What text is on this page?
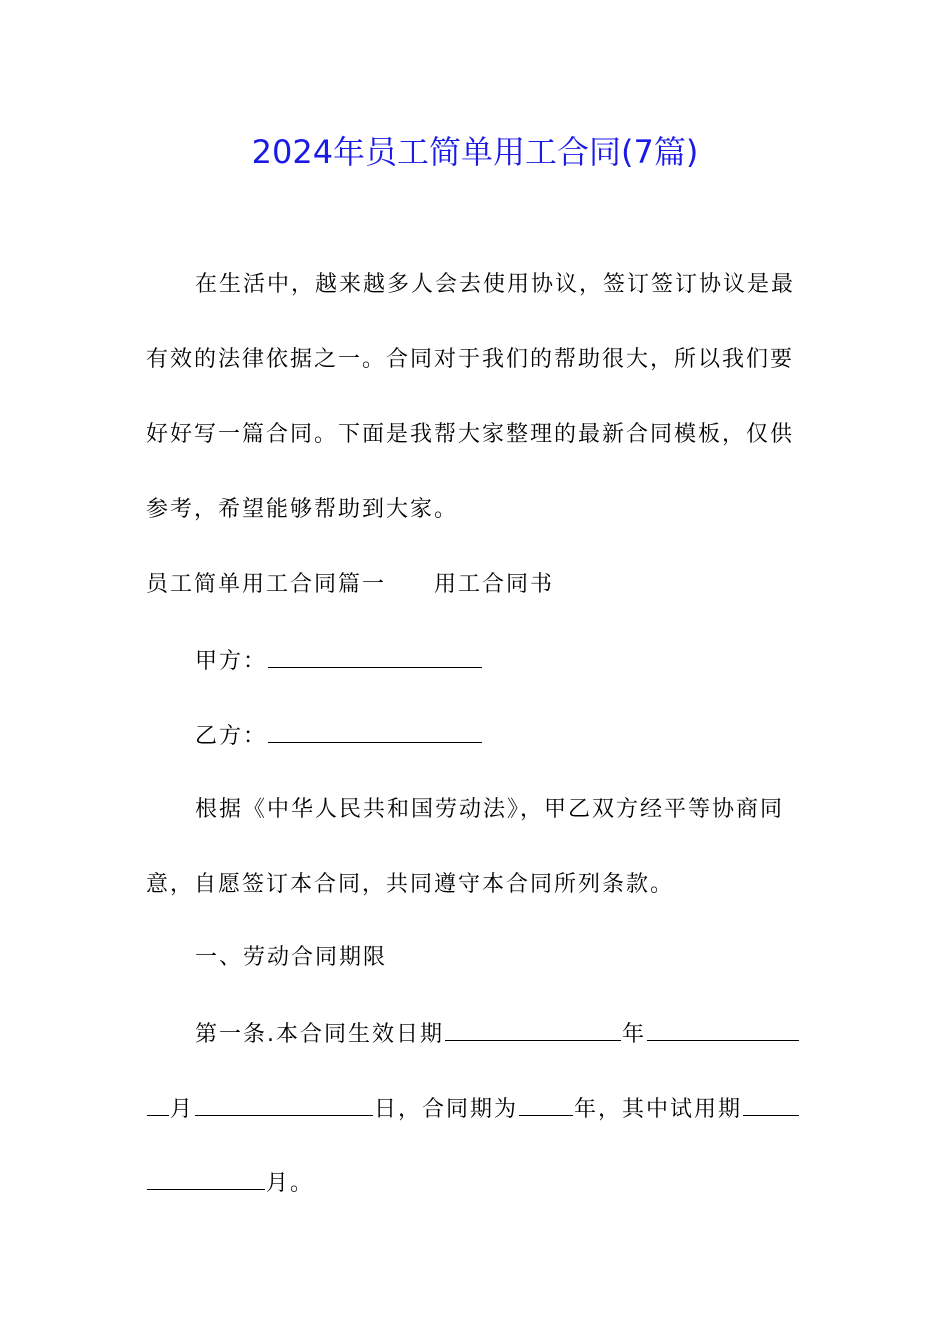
2024年员工简单用工合同(7篇)
在生活中，越来越多人会去使用协议，签订签订协议是最
有效的法律依据之一。合同对于我们的帮助很大，所以我们要
好好写一篇合同。下面是我帮大家整理的最新合同模板，仅供
参考，希望能够帮助到大家。
员工简单用工合同篇一 用工合同书
甲方：
乙方：
根据《中华人民共和国劳动法》，甲乙双方经平等协商同
意，自愿签订本合同，共同遵守本合同所列条款。
一、劳动合同期限
第一条.本合同生效日期	年
月	日，合同期为	年，其中试用期
月。
